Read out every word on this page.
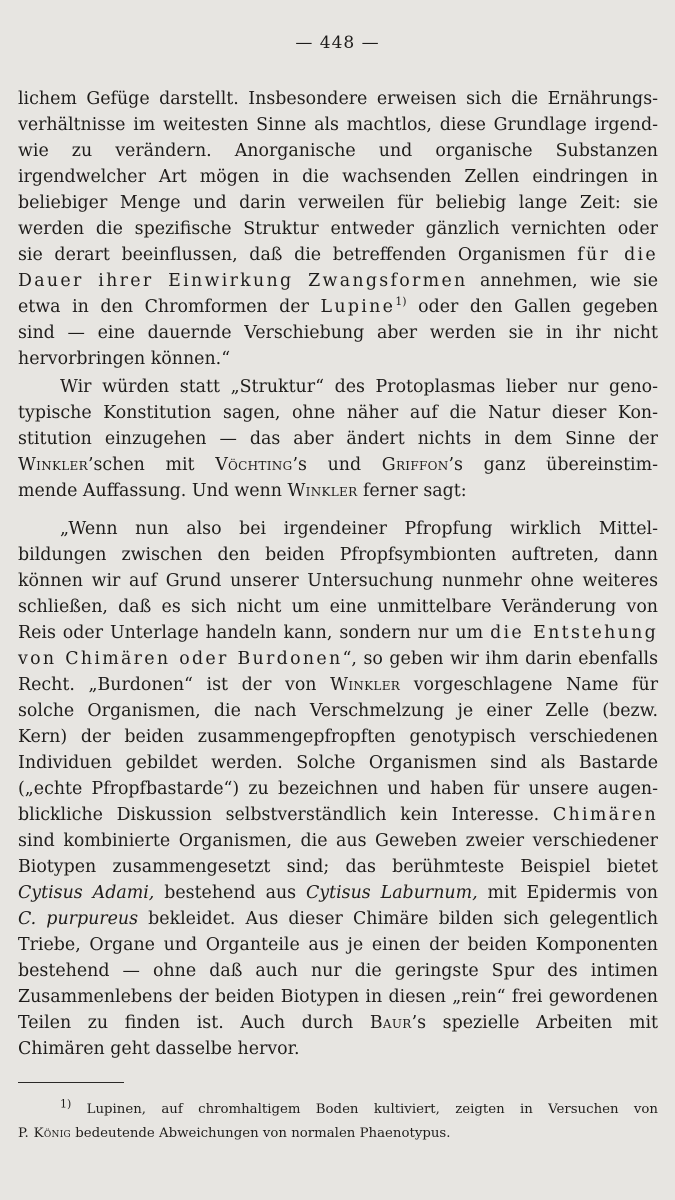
— 448 —
lichem Gefüge darstellt. Insbesondere erweisen sich die Ernährungs-
verhältnisse im weitesten Sinne als machtlos, diese Grundlage irgend-
wie zu verändern. Anorganische und organische Substanzen
irgendwelcher Art mögen in die wachsenden Zellen eindringen in
beliebiger Menge und darin verweilen für beliebig lange Zeit: sie
werden die spezifische Struktur entweder gänzlich vernichten oder
sie derart beeinflussen, daß die betreffenden Organismen für die
Dauer ihrer Einwirkung Zwangsformen annehmen, wie sie
etwa in den Chromformen der Lupine$^{1)}$ oder den Gallen gegeben
sind — eine dauernde Verschiebung aber werden sie in ihr nicht
hervorbringen können.“
Wir würden statt „Struktur“ des Protoplasmas lieber nur geno-
typische Konstitution sagen, ohne näher auf die Natur dieser Kon-
stitution einzugehen — das aber ändert nichts in dem Sinne der
Winkler’schen mit Vöchting’s und Griffon’s ganz übereinstim-
mende Auffassung. Und wenn Winkler ferner sagt:
„Wenn nun also bei irgendeiner Pfropfung wirklich Mittel-
bildungen zwischen den beiden Pfropfsymbionten auftreten, dann
können wir auf Grund unserer Untersuchung nunmehr ohne weiteres
schließen, daß es sich nicht um eine unmittelbare Veränderung von
Reis oder Unterlage handeln kann, sondern nur um die Entstehung
von Chimären oder Burdonen“, so geben wir ihm darin ebenfalls
Recht. „Burdonen“ ist der von Winkler vorgeschlagene Name für
solche Organismen, die nach Verschmelzung je einer Zelle (bezw.
Kern) der beiden zusammengepfropften genotypisch verschiedenen
Individuen gebildet werden. Solche Organismen sind als Bastarde
(„echte Pfropfbastarde“) zu bezeichnen und haben für unsere augen-
blickliche Diskussion selbstverständlich kein Interesse. Chimären
sind kombinierte Organismen, die aus Geweben zweier verschiedener
Biotypen zusammengesetzt sind; das berühmteste Beispiel bietet
Cytisus Adami, bestehend aus Cytisus Laburnum, mit Epidermis von
C. purpureus bekleidet. Aus dieser Chimäre bilden sich gelegentlich
Triebe, Organe und Organteile aus je einen der beiden Komponenten
bestehend — ohne daß auch nur die geringste Spur des intimen
Zusammenlebens der beiden Biotypen in diesen „rein“ frei gewordenen
Teilen zu finden ist. Auch durch Baur’s spezielle Arbeiten mit
Chimären geht dasselbe hervor.
$^{1)}$ Lupinen, auf chromhaltigem Boden kultiviert, zeigten in Versuchen von
P. König bedeutende Abweichungen von normalen Phaenotypus.
